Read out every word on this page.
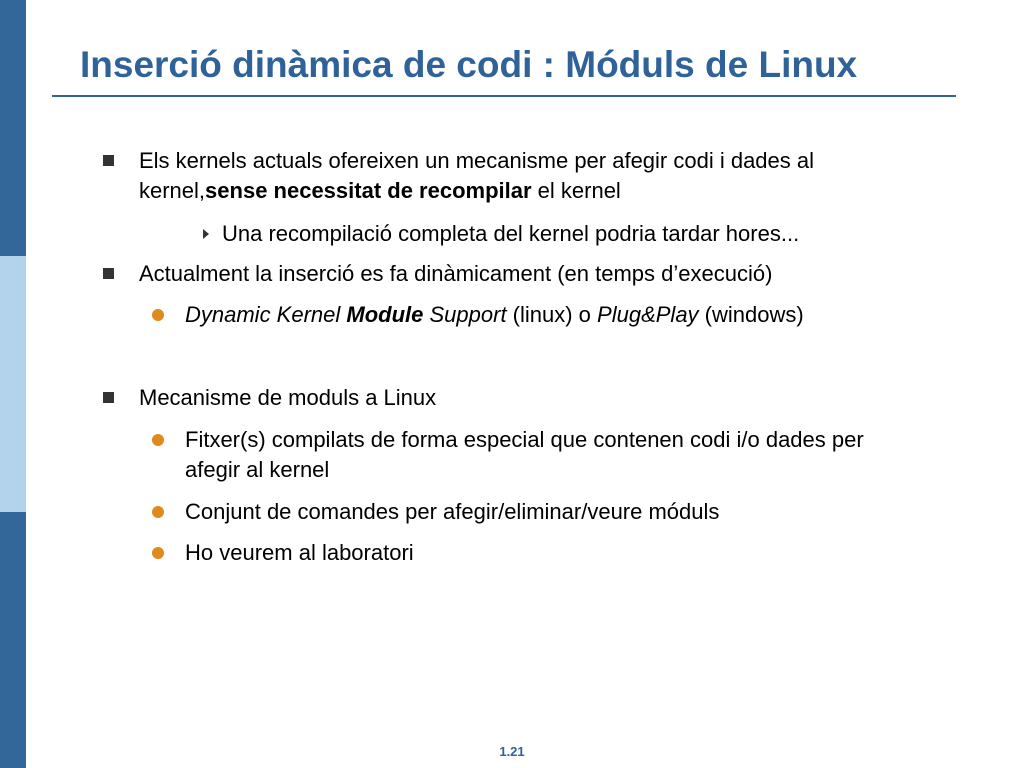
Inserció dinàmica de codi : Móduls de Linux
Els kernels actuals ofereixen un mecanisme per afegir codi i dades al
kernel,sense necessitat de recompilar el kernel
Una recompilació completa del kernel podria tardar hores...
Actualment la inserció es fa dinàmicament (en temps d’execució)
Dynamic Kernel Module Support (linux) o Plug&Play (windows)
Mecanisme de moduls a Linux
Fitxer(s) compilats de forma especial que contenen codi i/o dades per
afegir al kernel
Conjunt de comandes per afegir/eliminar/veure móduls
Ho veurem al laboratori
1.21
